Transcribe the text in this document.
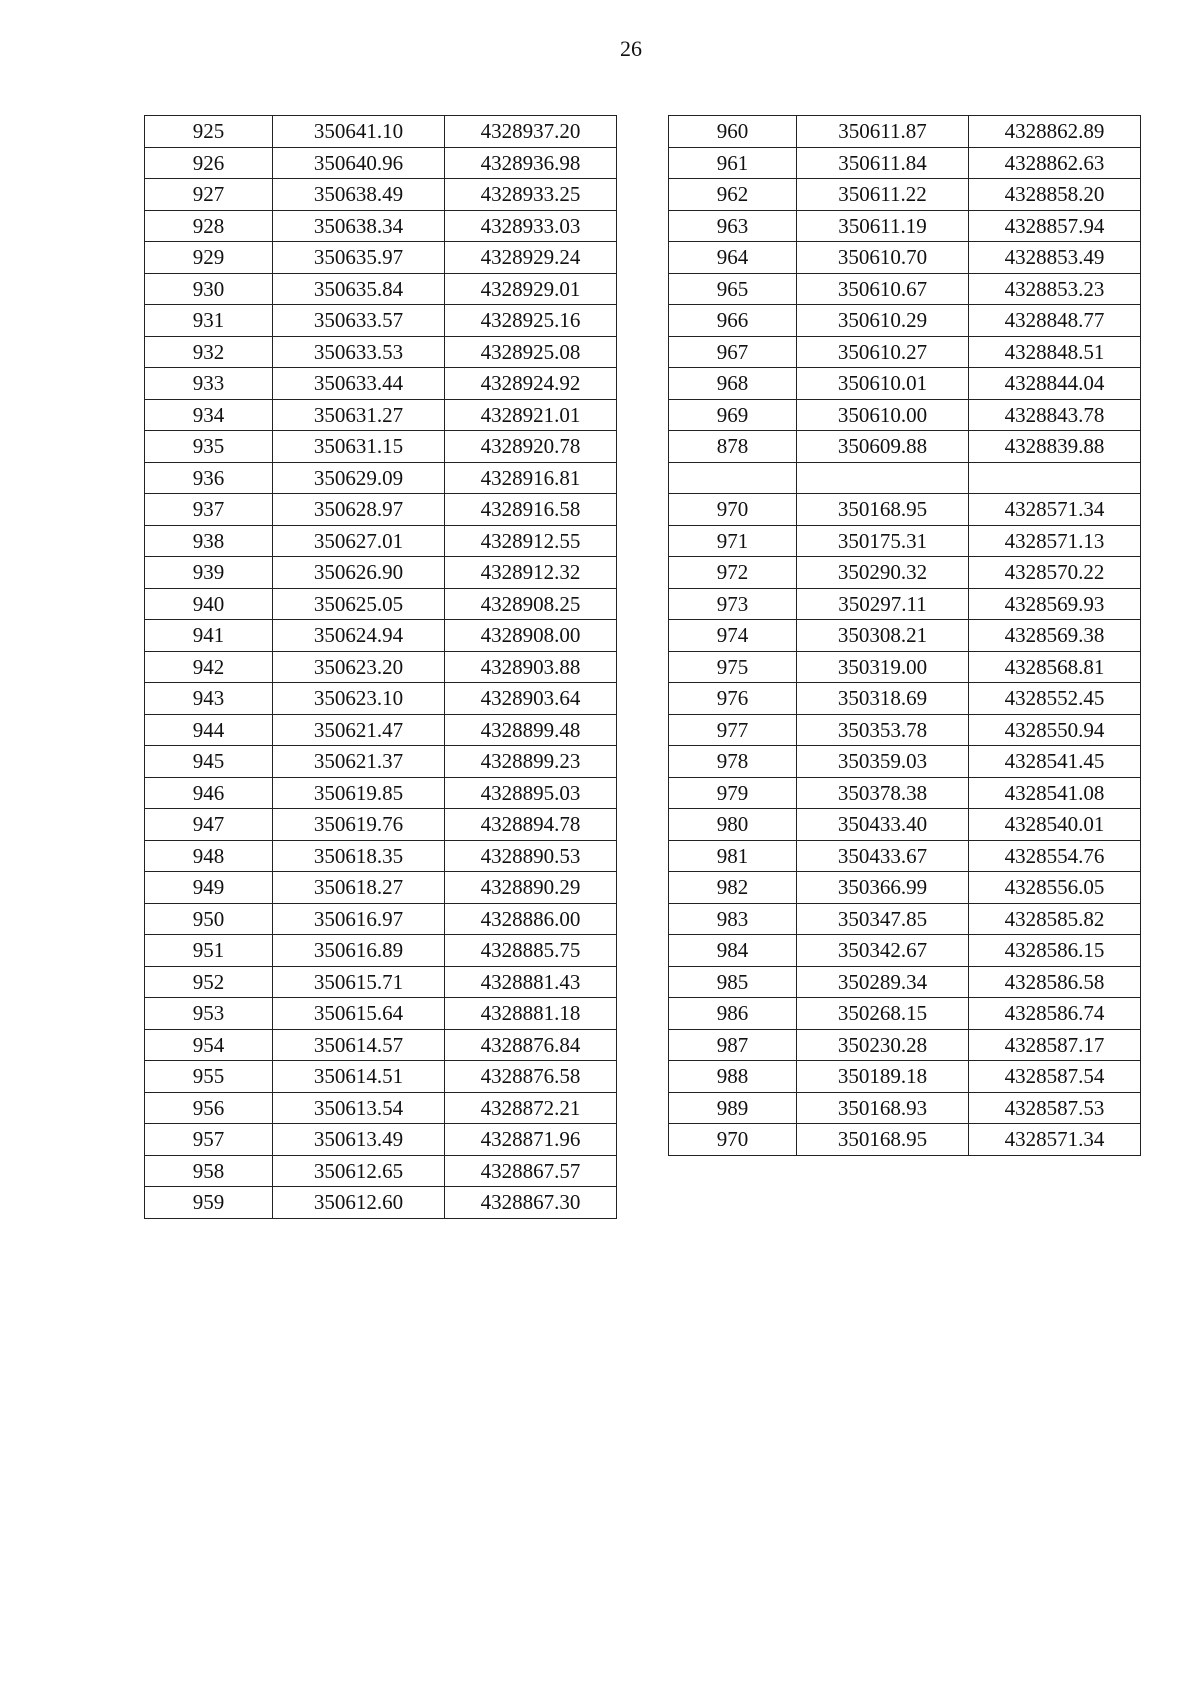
26
925	350641.10	4328937.20
926	350640.96	4328936.98
927	350638.49	4328933.25
928	350638.34	4328933.03
929	350635.97	4328929.24
930	350635.84	4328929.01
931	350633.57	4328925.16
932	350633.53	4328925.08
933	350633.44	4328924.92
934	350631.27	4328921.01
935	350631.15	4328920.78
936	350629.09	4328916.81
937	350628.97	4328916.58
938	350627.01	4328912.55
939	350626.90	4328912.32
940	350625.05	4328908.25
941	350624.94	4328908.00
942	350623.20	4328903.88
943	350623.10	4328903.64
944	350621.47	4328899.48
945	350621.37	4328899.23
946	350619.85	4328895.03
947	350619.76	4328894.78
948	350618.35	4328890.53
949	350618.27	4328890.29
950	350616.97	4328886.00
951	350616.89	4328885.75
952	350615.71	4328881.43
953	350615.64	4328881.18
954	350614.57	4328876.84
955	350614.51	4328876.58
956	350613.54	4328872.21
957	350613.49	4328871.96
958	350612.65	4328867.57
959	350612.60	4328867.30
960	350611.87	4328862.89
961	350611.84	4328862.63
962	350611.22	4328858.20
963	350611.19	4328857.94
964	350610.70	4328853.49
965	350610.67	4328853.23
966	350610.29	4328848.77
967	350610.27	4328848.51
968	350610.01	4328844.04
969	350610.00	4328843.78
878	350609.88	4328839.88

970	350168.95	4328571.34
971	350175.31	4328571.13
972	350290.32	4328570.22
973	350297.11	4328569.93
974	350308.21	4328569.38
975	350319.00	4328568.81
976	350318.69	4328552.45
977	350353.78	4328550.94
978	350359.03	4328541.45
979	350378.38	4328541.08
980	350433.40	4328540.01
981	350433.67	4328554.76
982	350366.99	4328556.05
983	350347.85	4328585.82
984	350342.67	4328586.15
985	350289.34	4328586.58
986	350268.15	4328586.74
987	350230.28	4328587.17
988	350189.18	4328587.54
989	350168.93	4328587.53
970	350168.95	4328571.34
